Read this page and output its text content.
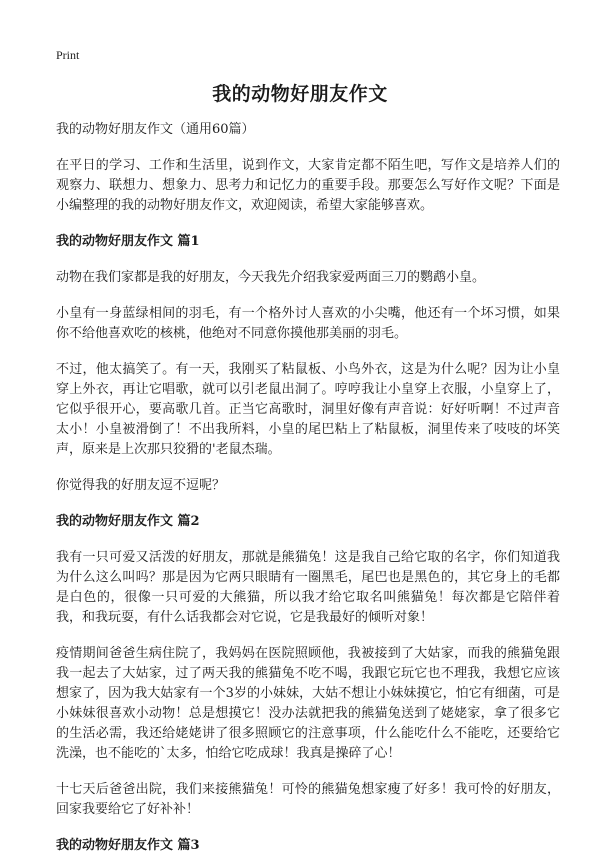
Print
我的动物好朋友作文
我的动物好朋友作文（通用60篇）

在平日的学习、工作和生活里，说到作文，大家肯定都不陌生吧，写作文是培养人们的观察力、联想力、想象力、思考力和记忆力的重要手段。那要怎么写好作文呢？下面是小编整理的我的动物好朋友作文，欢迎阅读，希望大家能够喜欢。

我的动物好朋友作文 篇1

动物在我们家都是我的好朋友，今天我先介绍我家爱两面三刀的鹦鹉小皇。

小皇有一身蓝绿相间的羽毛，有一个格外讨人喜欢的小尖嘴，他还有一个坏习惯，如果你不给他喜欢吃的核桃，他绝对不同意你摸他那美丽的羽毛。

不过，他太搞笑了。有一天，我刚买了粘鼠板、小鸟外衣，这是为什么呢？因为让小皇穿上外衣，再让它唱歌，就可以引老鼠出洞了。哼哼我让小皇穿上衣服，小皇穿上了，它似乎很开心，要高歌几首。正当它高歌时，洞里好像有声音说：好好听啊！不过声音太小！小皇被滑倒了！不出我所料，小皇的尾巴粘上了粘鼠板，洞里传来了吱吱的坏笑声，原来是上次那只狡猾的'老鼠杰瑞。

你觉得我的好朋友逗不逗呢？

我的动物好朋友作文 篇2

我有一只可爱又活泼的好朋友，那就是熊猫兔！这是我自己给它取的名字，你们知道我为什么这么叫吗？那是因为它两只眼睛有一圈黑毛，尾巴也是黑色的，其它身上的毛都是白色的，很像一只可爱的大熊猫，所以我才给它取名叫熊猫兔！每次都是它陪伴着我，和我玩耍，有什么话我都会对它说，它是我最好的倾听对象！

疫情期间爸爸生病住院了，我妈妈在医院照顾他，我被接到了大姑家，而我的熊猫兔跟我一起去了大姑家，过了两天我的熊猫兔不吃不喝，我跟它玩它也不理我，我想它应该想家了，因为我大姑家有一个3岁的小妹妹，大姑不想让小妹妹摸它，怕它有细菌，可是小妹妹很喜欢小动物！总是想摸它！没办法就把我的熊猫兔送到了姥姥家，拿了很多它的生活必需，我还给姥姥讲了很多照顾它的注意事项，什么能吃什么不能吃，还要给它洗澡，也不能吃的`太多，怕给它吃成球！我真是操碎了心！

十七天后爸爸出院，我们来接熊猫兔！可怜的熊猫兔想家瘦了好多！我可怜的好朋友，回家我要给它了好补补！

我的动物好朋友作文 篇3
